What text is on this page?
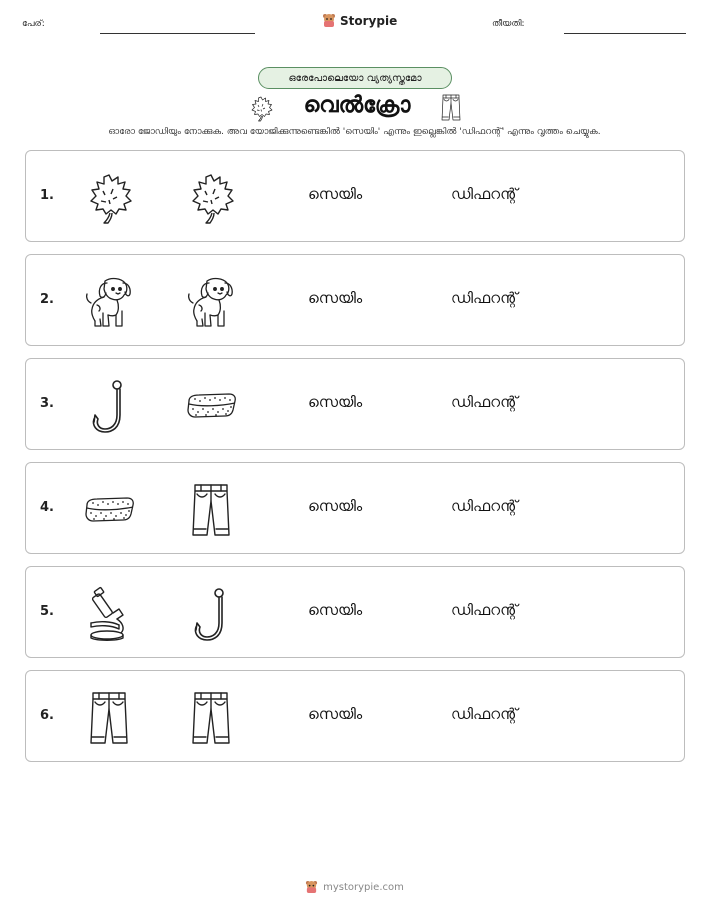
പേര്:	Storypie	തീയതി:
ഒരേപോലെയോ വ്യത്യസ്തമോ
വെൽക്രോ
ഓരോ ജോഡിയും നോക്കുക. അവ യോജിക്കുന്നുണ്ടെങ്കിൽ 'സെയിം' എന്നും ഇല്ലെങ്കിൽ 'ഡിഫറന്റ്' എന്നും വൃത്തം ചെയ്യുക.
1.	സെയിം	ഡിഫറന്റ്
2.	സെയിം	ഡിഫറന്റ്
3.	സെയിം	ഡിഫറന്റ്
4.	സെയിം	ഡിഫറന്റ്
5.	സെയിം	ഡിഫറന്റ്
6.	സെയിം	ഡിഫറന്റ്
mystorypie.com
